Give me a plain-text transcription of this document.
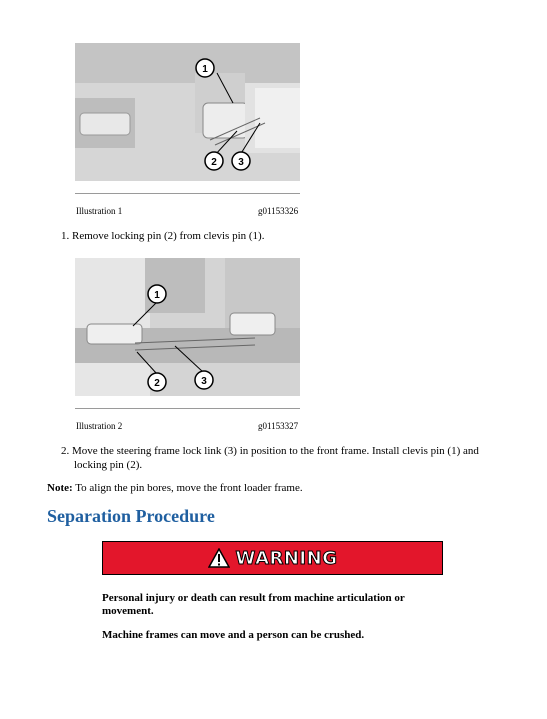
1
2 3
Illustration 1	g01153326
1. Remove locking pin (2) from clevis pin (1).
1
2	3
Illustration 2	g01153327
2. Move the steering frame lock link (3) in position to the front frame. Install clevis pin (1) and
locking pin (2).
Note: To align the pin bores, move the front loader frame.
Separation Procedure
WARNING
Personal injury or death can result from machine articulation or
movement.
Machine frames can move and a person can be crushed.
